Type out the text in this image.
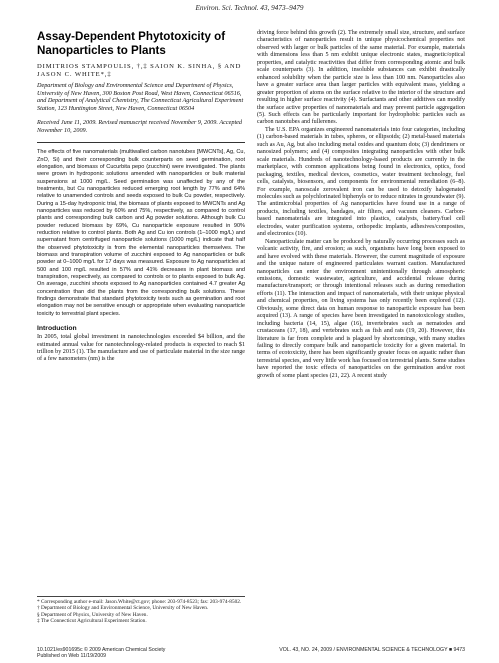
Environ. Sci. Technol. 43, 9473–9479
Assay-Dependent Phytotoxicity of Nanoparticles to Plants
DIMITRIOS STAMPOULIS, †,‡ SAION K. SINHA, § AND JASON C. WHITE*,‡
Department of Biology and Environmental Science and Department of Physics, University of New Haven, 300 Boston Post Road, West Haven, Connecticut 06516, and Department of Analytical Chemistry, The Connecticut Agricultural Experiment Station, 123 Huntington Street, New Haven, Connecticut 06504
Received June 11, 2009. Revised manuscript received November 9, 2009. Accepted November 10, 2009.
The effects of five nanomaterials (multiwalled carbon nanotubes [MWCNTs], Ag, Cu, ZnO, Si) and their corresponding bulk counterparts on seed germination, root elongation, and biomass of Cucurbita pepo (zucchini) were investigated. The plants were grown in hydroponic solutions amended with nanoparticles or bulk material suspensions at 1000 mg/L. Seed germination was unaffected by any of the treatments, but Cu nanoparticles reduced emerging root length by 77% and 64% relative to unamended controls and seeds exposed to bulk Cu powder, respectively. During a 15-day hydroponic trial, the biomass of plants exposed to MWCNTs and Ag nanoparticles was reduced by 60% and 75%, respectively, as compared to control plants and corresponding bulk carbon and Ag powder solutions. Although bulk Cu powder reduced biomass by 69%, Cu nanoparticle exposure resulted in 90% reduction relative to control plants. Both Ag and Cu ion controls (1–1000 mg/L) and supernatant from centrifuged nanoparticle solutions (1000 mg/L) indicate that half the observed phytotoxicity is from the elemental nanoparticles themselves. The biomass and transpiration volume of zucchini exposed to Ag nanoparticles or bulk powder at 0–1000 mg/L for 17 days was measured. Exposure to Ag nanoparticles at 500 and 100 mg/L resulted in 57% and 41% decreases in plant biomass and transpiration, respectively, as compared to controls or to plants exposed to bulk Ag. On average, zucchini shoots exposed to Ag nanoparticles contained 4.7 greater Ag concentration than did the plants from the corresponding bulk solutions. These findings demonstrate that standard phytotoxicity tests such as germination and root elongation may not be sensitive enough or appropriate when evaluating nanoparticle toxicity to terrestrial plant species.
Introduction

In 2005, total global investment in nanotechnologies exceeded $4 billion, and the estimated annual value for nanotechnology-related products is expected to reach $1 trillion by 2015 (1). The manufacture and use of particulate material in the size range of a few nanometers (nm) is the

driving force behind this growth (2). The extremely small size, structure, and surface characteristics of nanoparticles result in unique physicochemical properties not observed with larger or bulk particles of the same material. For example, materials with dimensions less than 5 nm exhibit unique electronic states, magnetic/optical properties, and catalytic reactivities that differ from corresponding atomic and bulk scale counterparts (3). In addition, insoluble substances can exhibit drastically enhanced solubility when the particle size is less than 100 nm. Nanoparticles also have a greater surface area than larger particles with equivalent mass, yielding a greater proportion of atoms on the surface relative to the interior of the structure and resulting in higher surface reactivity (4). Surfactants and other additives can modify the surface active properties of nanomaterials and may prevent particle aggregation (5). Such effects can be particularly important for hydrophobic particles such as carbon nanotubes and fullerenes.

The U.S. EPA organizes engineered nanomaterials into four categories, including (1) carbon-based materials in tubes, spheres, or ellipsoids; (2) metal-based materials such as Au, Ag, but also including metal oxides and quantum dots; (3) dendrimers or nanosized polymers; and (4) composites integrating nanoparticles with other bulk scale materials. Hundreds of nanotechnology-based products are currently in the marketplace, with common applications being found in electronics, optics, food packaging, textiles, medical devices, cosmetics, water treatment technology, fuel cells, catalysts, biosensors, and components for environmental remediation (6–8). For example, nanoscale zerovalent iron can be used to detoxify halogenated molecules such as polychlorinated biphenyls or to reduce nitrates in groundwater (9). The antimicrobial properties of Ag nanoparticles have found use in a range of products, including textiles, bandages, air filters, and vacuum cleaners. Carbon-based nanomaterials are integrated into plastics, catalysts, battery/fuel cell electrodes, water purification systems, orthopedic implants, adhesives/composites, and electronics (10).

Nanoparticulate matter can be produced by naturally occurring processes such as volcanic activity, fire, and erosion; as such, organisms have long been exposed to and have evolved with these materials. However, the current magnitude of exposure and the unique nature of engineered particulates warrant caution. Manufactured nanoparticles can enter the environment unintentionally through atmospheric emissions, domestic wastewater, agriculture, and accidental release during manufacture/transport; or through intentional releases such as during remediation efforts (11). The interaction and impact of nanomaterials, with their unique physical and chemical properties, on living systems has only recently been explored (12). Obviously, some direct data on human response to nanoparticle exposure has been acquired (13). A range of species have been investigated in nanotoxicology studies, including bacteria (14, 15), algae (16), invertebrates such as nematodes and crustaceans (17, 18), and vertebrates such as fish and rats (19, 20). However, this literature is far from complete and is plagued by shortcomings, with many studies failing to directly compare bulk and nanoparticle toxicity for a given material. In terms of ecotoxicity, there has been significantly greater focus on aquatic rather than terrestrial species, and very little work has focused on terrestrial plants. Some studies have reported the toxic effects of nanoparticles on the germination and/or root growth of some plant species (21, 22). A recent study

* Corresponding author e-mail: Jason.White@ct.gov; phone: 203-974-8523; fax: 203-974-8502.
† Department of Biology and Environmental Science, University of New Haven.
§ Department of Physics, University of New Haven.
‡ The Connecticut Agricultural Experiment Station.
10.1021/es901695c © 2009 American Chemical Society
Published on Web 11/19/2009
VOL. 43, NO. 24, 2009 / ENVIRONMENTAL SCIENCE & TECHNOLOGY ■ 9473
